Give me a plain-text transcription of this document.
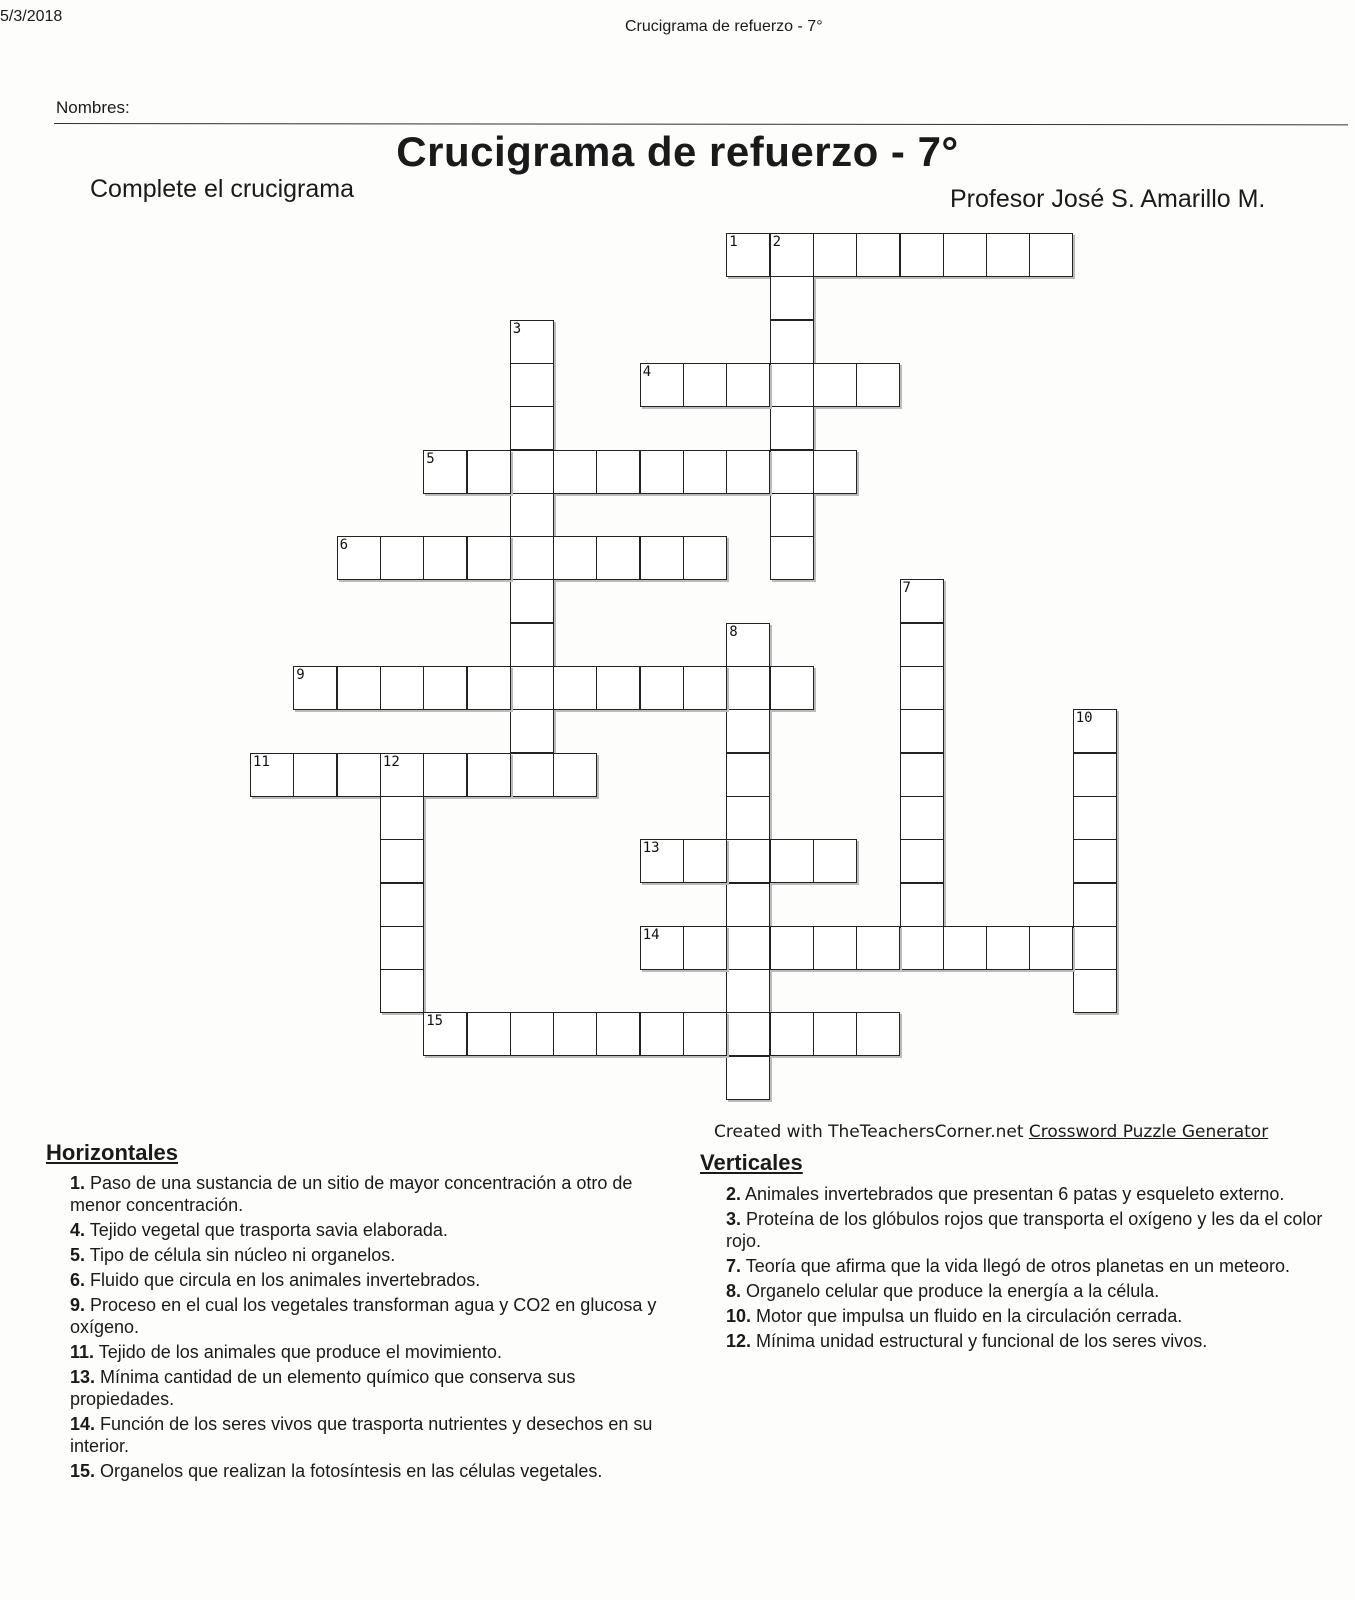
5/3/2018
Crucigrama de refuerzo - 7°
Nombres:
Crucigrama de refuerzo - 7°
Complete el crucigrama	Profesor José S. Amarillo M.
1 2
3
4
5
6
7
8
9
10
11	12
13
14
15
Created with TheTeachersCorner.net Crossword Puzzle Generator
Horizontales
1. Paso de una sustancia de un sitio de mayor concentración a otro de menor concentración.
4. Tejido vegetal que trasporta savia elaborada.
5. Tipo de célula sin núcleo ni organelos.
6. Fluido que circula en los animales invertebrados.
9. Proceso en el cual los vegetales transforman agua y CO2 en glucosa y oxígeno.
11. Tejido de los animales que produce el movimiento.
13. Mínima cantidad de un elemento químico que conserva sus propiedades.
14. Función de los seres vivos que trasporta nutrientes y desechos en su interior.
15. Organelos que realizan la fotosíntesis en las células vegetales.
Verticales
2. Animales invertebrados que presentan 6 patas y esqueleto externo.
3. Proteína de los glóbulos rojos que transporta el oxígeno y les da el color rojo.
7. Teoría que afirma que la vida llegó de otros planetas en un meteoro.
8. Organelo celular que produce la energía a la célula.
10. Motor que impulsa un fluido en la circulación cerrada.
12. Mínima unidad estructural y funcional de los seres vivos.
